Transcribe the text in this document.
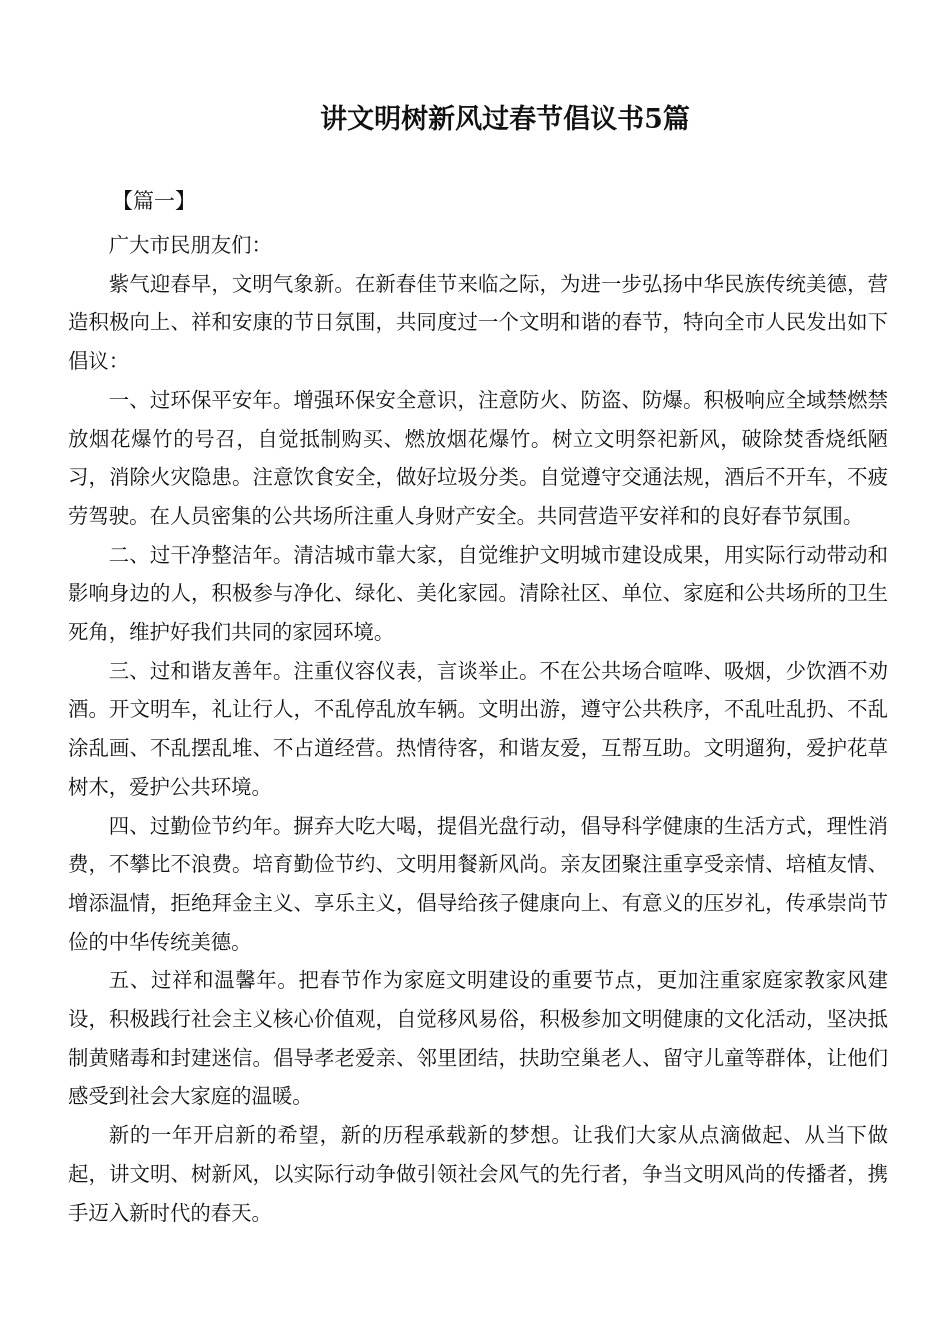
讲文明树新风过春节倡议书5篇
【篇一】

广大市民朋友们：

紫气迎春早，文明气象新。在新春佳节来临之际，为进一步弘扬中华民族传统美德，营造积极向上、祥和安康的节日氛围，共同度过一个文明和谐的春节，特向全市人民发出如下倡议：

一、过环保平安年。增强环保安全意识，注意防火、防盗、防爆。积极响应全域禁燃禁放烟花爆竹的号召，自觉抵制购买、燃放烟花爆竹。树立文明祭祀新风，破除焚香烧纸陋习，消除火灾隐患。注意饮食安全，做好垃圾分类。自觉遵守交通法规，酒后不开车，不疲劳驾驶。在人员密集的公共场所注重人身财产安全。共同营造平安祥和的良好春节氛围。

二、过干净整洁年。清洁城市靠大家，自觉维护文明城市建设成果，用实际行动带动和影响身边的人，积极参与净化、绿化、美化家园。清除社区、单位、家庭和公共场所的卫生死角，维护好我们共同的家园环境。

三、过和谐友善年。注重仪容仪表，言谈举止。不在公共场合喧哗、吸烟，少饮酒不劝酒。开文明车，礼让行人，不乱停乱放车辆。文明出游，遵守公共秩序，不乱吐乱扔、不乱涂乱画、不乱摆乱堆、不占道经营。热情待客，和谐友爱，互帮互助。文明遛狗，爱护花草树木，爱护公共环境。

四、过勤俭节约年。摒弃大吃大喝，提倡光盘行动，倡导科学健康的生活方式，理性消费，不攀比不浪费。培育勤俭节约、文明用餐新风尚。亲友团聚注重享受亲情、培植友情、增添温情，拒绝拜金主义、享乐主义，倡导给孩子健康向上、有意义的压岁礼，传承崇尚节俭的中华传统美德。

五、过祥和温馨年。把春节作为家庭文明建设的重要节点，更加注重家庭家教家风建设，积极践行社会主义核心价值观，自觉移风易俗，积极参加文明健康的文化活动，坚决抵制黄赌毒和封建迷信。倡导孝老爱亲、邻里团结，扶助空巢老人、留守儿童等群体，让他们感受到社会大家庭的温暖。

新的一年开启新的希望，新的历程承载新的梦想。让我们大家从点滴做起、从当下做起，讲文明、树新风，以实际行动争做引领社会风气的先行者，争当文明风尚的传播者，携手迈入新时代的春天。
